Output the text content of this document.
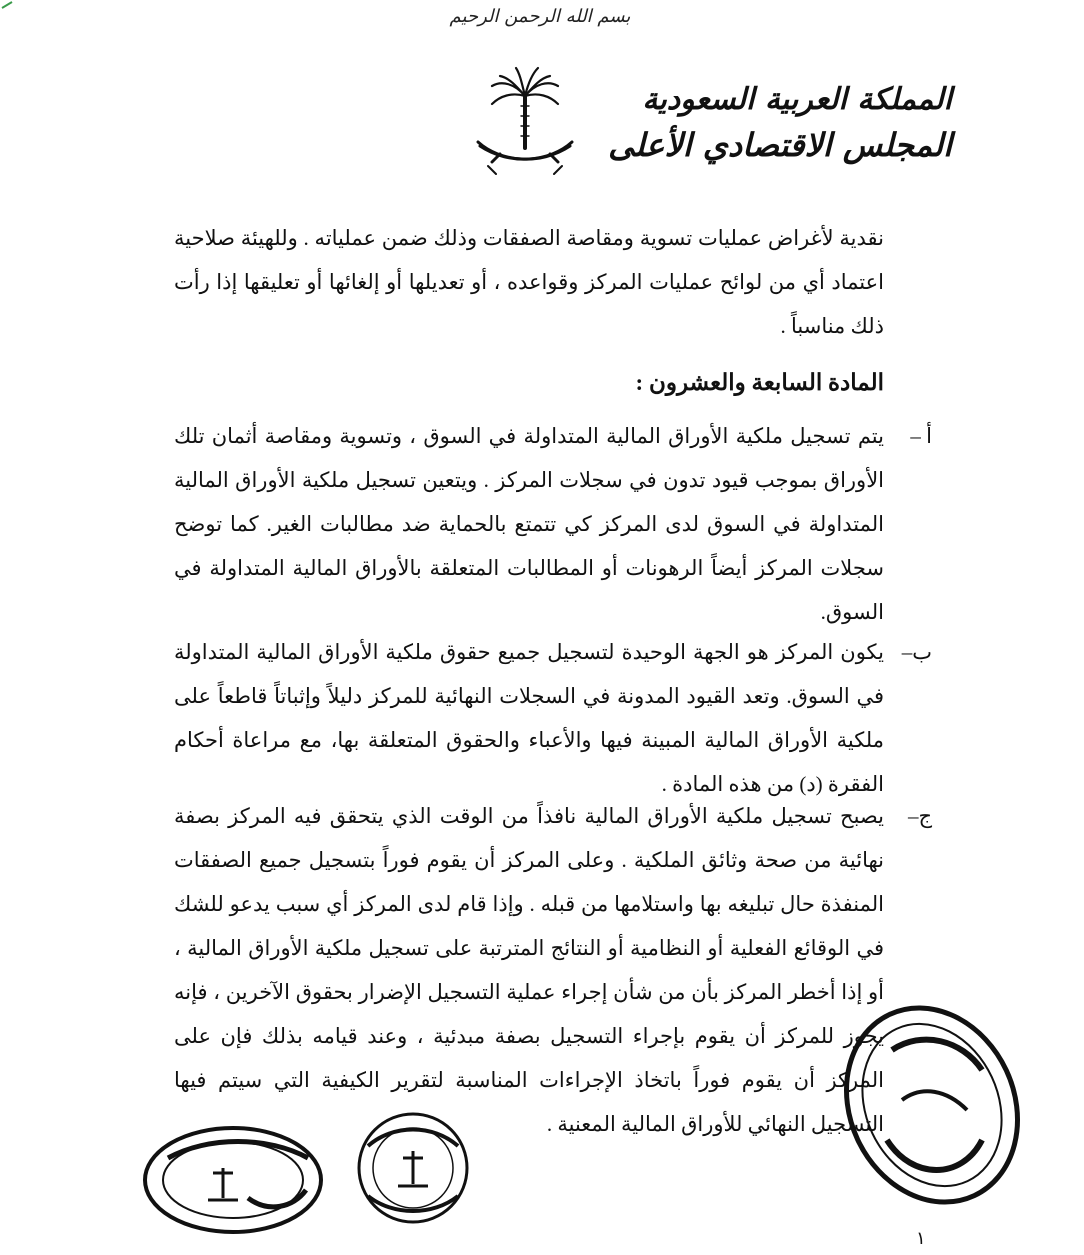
بسم الله الرحمن الرحيم
المملكة العربية السعودية
المجلس الاقتصادي الأعلى

نقدية لأغراض عمليات تسوية ومقاصة الصفقات وذلك ضمن عملياته . وللهيئة صلاحية اعتماد أي من لوائح عمليات المركز وقواعده ، أو تعديلها أو إلغائها أو تعليقها إذا رأت ذلك مناسباً .

المادة السابعة والعشرون :
أ –

يتم تسجيل ملكية الأوراق المالية المتداولة في السوق ، وتسوية ومقاصة أثمان تلك الأوراق بموجب قيود تدون في سجلات المركز . ويتعين تسجيل ملكية الأوراق المالية المتداولة في السوق لدى المركز كي تتمتع بالحماية ضد مطالبات الغير. كما توضح سجلات المركز أيضاً الرهونات أو المطالبات المتعلقة بالأوراق المالية المتداولة في السوق.

ب–

يكون المركز هو الجهة الوحيدة لتسجيل جميع حقوق ملكية الأوراق المالية المتداولة في السوق. وتعد القيود المدونة في السجلات النهائية للمركز دليلاً وإثباتاً قاطعاً على ملكية الأوراق المالية المبينة فيها والأعباء والحقوق المتعلقة بها، مع مراعاة أحكام الفقرة (د) من هذه المادة .

ج–

يصبح تسجيل ملكية الأوراق المالية نافذاً من الوقت الذي يتحقق فيه المركز بصفة نهائية من صحة وثائق الملكية . وعلى المركز أن يقوم فوراً بتسجيل جميع الصفقات المنفذة حال تبليغه بها واستلامها من قبله . وإذا قام لدى المركز أي سبب يدعو للشك في الوقائع الفعلية أو النظامية أو النتائج المترتبة على تسجيل ملكية الأوراق المالية ، أو إذا أخطر المركز بأن من شأن إجراء عملية التسجيل الإضرار بحقوق الآخرين ، فإنه يجوز للمركز أن يقوم بإجراء التسجيل بصفة مبدئية ، وعند قيامه بذلك فإن على المركز أن يقوم فوراً باتخاذ الإجراءات المناسبة لتقرير الكيفية التي سيتم فيها التسجيل النهائي للأوراق المالية المعنية .

١
